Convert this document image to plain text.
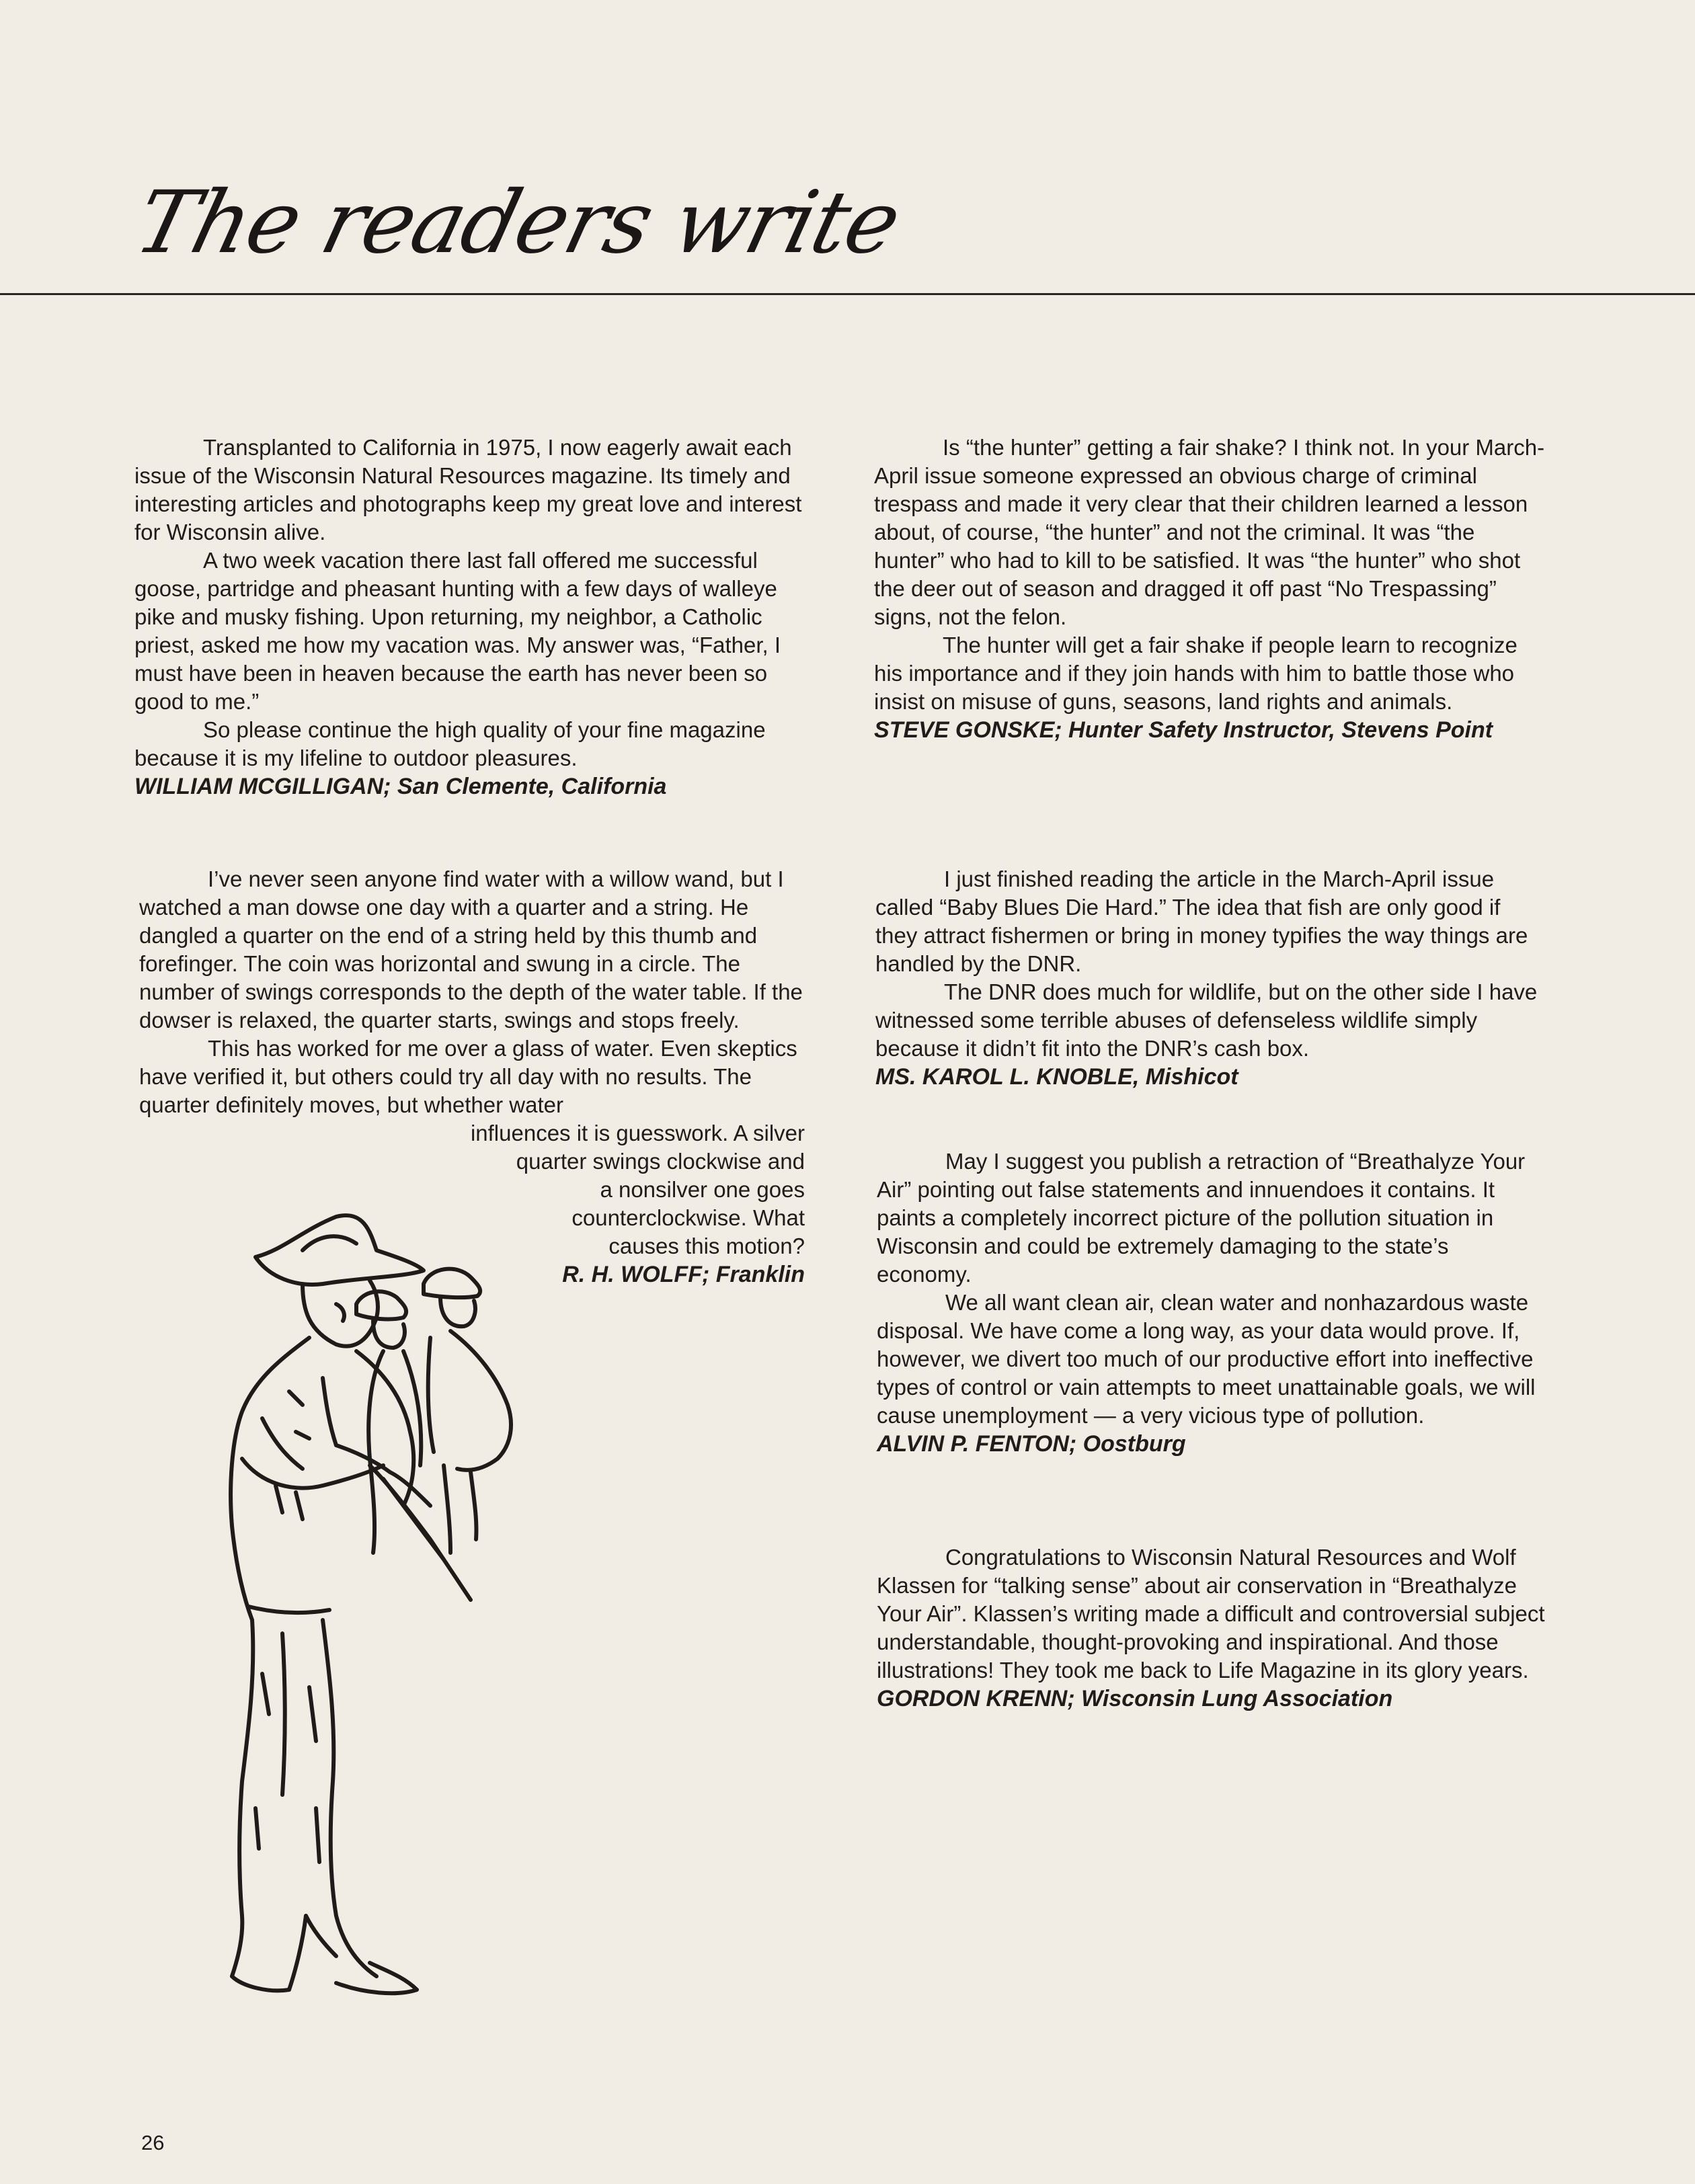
The readers write

Transplanted to California in 1975, I now eagerly await each issue of the Wisconsin Natural Resources magazine. Its timely and interesting articles and photographs keep my great love and interest for Wisconsin alive.

A two week vacation there last fall offered me successful goose, partridge and pheasant hunting with a few days of walleye pike and musky fishing. Upon returning, my neighbor, a Catholic priest, asked me how my vacation was. My answer was, “Father, I must have been in heaven because the earth has never been so good to me.”

So please continue the high quality of your fine magazine because it is my lifeline to outdoor pleasures.

WILLIAM MCGILLIGAN; San Clemente, California

Is “the hunter” getting a fair shake? I think not. In your March-April issue someone expressed an obvious charge of criminal trespass and made it very clear that their children learned a lesson about, of course, “the hunter” and not the criminal. It was “the hunter” who had to kill to be satisfied. It was “the hunter” who shot the deer out of season and dragged it off past “No Trespassing” signs, not the felon.

The hunter will get a fair shake if people learn to recognize his importance and if they join hands with him to battle those who insist on misuse of guns, seasons, land rights and animals.

STEVE GONSKE; Hunter Safety Instructor, Stevens Point

I’ve never seen anyone find water with a willow wand, but I watched a man dowse one day with a quarter and a string. He dangled a quarter on the end of a string held by this thumb and forefinger. The coin was horizontal and swung in a circle. The number of swings corresponds to the depth of the water table. If the dowser is relaxed, the quarter starts, swings and stops freely.

This has worked for me over a glass of water. Even skeptics have verified it, but others could try all day with no results. The quarter definitely moves, but whether water

influences it is guesswork. A silver

quarter swings clockwise and

a nonsilver one goes

counterclockwise. What

causes this motion?

R. H. WOLFF; Franklin

I just finished reading the article in the March-April issue called “Baby Blues Die Hard.” The idea that fish are only good if they attract fishermen or bring in money typifies the way things are handled by the DNR.

The DNR does much for wildlife, but on the other side I have witnessed some terrible abuses of defenseless wildlife simply because it didn’t fit into the DNR’s cash box.

MS. KAROL L. KNOBLE, Mishicot

May I suggest you publish a retraction of “Breathalyze Your Air” pointing out false statements and innuendoes it contains. It paints a completely incorrect picture of the pollution situation in Wisconsin and could be extremely damaging to the state’s economy.

We all want clean air, clean water and nonhazardous waste disposal. We have come a long way, as your data would prove. If, however, we divert too much of our productive effort into ineffective types of control or vain attempts to meet unattainable goals, we will cause unemployment — a very vicious type of pollution.

ALVIN P. FENTON; Oostburg

Congratulations to Wisconsin Natural Resources and Wolf Klassen for “talking sense” about air conservation in “Breathalyze Your Air”. Klassen’s writing made a difficult and controversial subject understandable, thought-provoking and inspirational. And those illustrations! They took me back to Life Magazine in its glory years.

GORDON KRENN; Wisconsin Lung Association
26
